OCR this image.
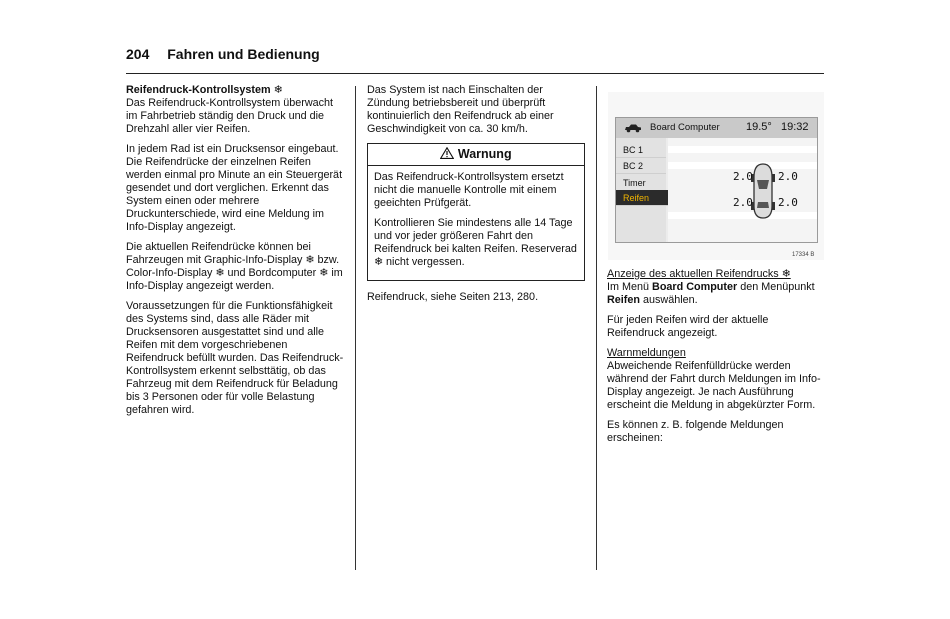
204 Fahren und Bedienung
Reifendruck-Kontrollsystem ❄

Das Reifendruck-Kontrollsystem überwacht im Fahrbetrieb ständig den Druck und die Drehzahl aller vier Reifen.

In jedem Rad ist ein Drucksensor eingebaut. Die Reifendrücke der einzelnen Reifen werden einmal pro Minute an ein Steuergerät gesendet und dort verglichen. Erkennt das System einen oder mehrere Druckunterschiede, wird eine Meldung im Info-Display angezeigt.

Die aktuellen Reifendrücke können bei Fahrzeugen mit Graphic-Info-Display ❄ bzw. Color-Info-Display ❄ und Bordcomputer ❄ im Info-Display angezeigt werden.

Voraussetzungen für die Funktionsfähigkeit des Systems sind, dass alle Räder mit Drucksensoren ausgestattet sind und alle Reifen mit dem vorgeschriebenen Reifendruck befüllt wurden. Das Reifendruck-Kontrollsystem erkennt selbsttätig, ob das Fahrzeug mit dem Reifendruck für Beladung bis 3 Personen oder für volle Belastung gefahren wird.

Das System ist nach Einschalten der Zündung betriebsbereit und überprüft kontinuierlich den Reifendruck ab einer Geschwindigkeit von ca. 30 km/h.

Warnung

Das Reifendruck-Kontrollsystem ersetzt nicht die manuelle Kontrolle mit einem geeichten Prüfgerät.

Kontrollieren Sie mindestens alle 14 Tage und vor jeder größeren Fahrt den Reifendruck bei kalten Reifen. Reserverad ❄ nicht vergessen.

Reifendruck, siehe Seiten 213, 280.

Board Computer 19.5° 19:32
BC 1
BC 2
Timer
Reifen
2.0 2.0
2.0 2.0
17334 B
Anzeige des aktuellen Reifendrucks ❄

Im Menü Board Computer den Menüpunkt Reifen auswählen.

Für jeden Reifen wird der aktuelle Reifendruck angezeigt.

Warnmeldungen

Abweichende Reifenfülldrücke werden während der Fahrt durch Meldungen im Info-Display angezeigt. Je nach Ausführung erscheint die Meldung in abgekürzter Form.

Es können z. B. folgende Meldungen erscheinen:
